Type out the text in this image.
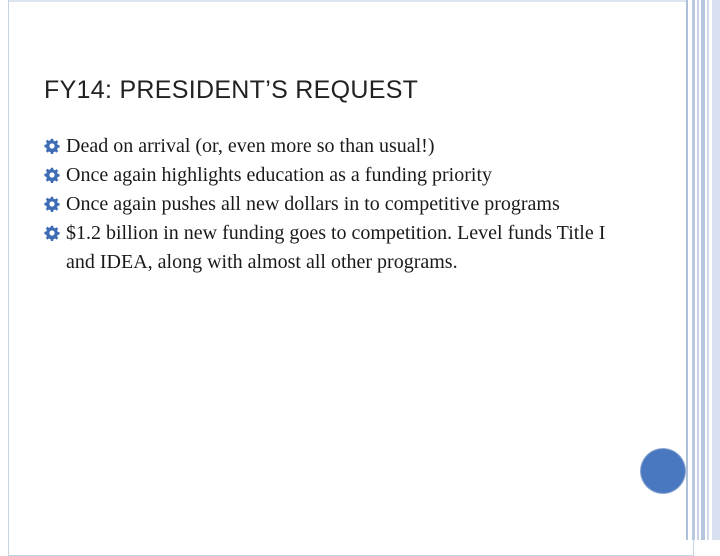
FY14: PRESIDENT’S REQUEST
Dead on arrival (or, even more so than usual!)
Once again highlights education as a funding priority
Once again pushes all new dollars in to competitive programs
$1.2 billion in new funding goes to competition. Level funds Title I and IDEA, along with almost all other programs.
